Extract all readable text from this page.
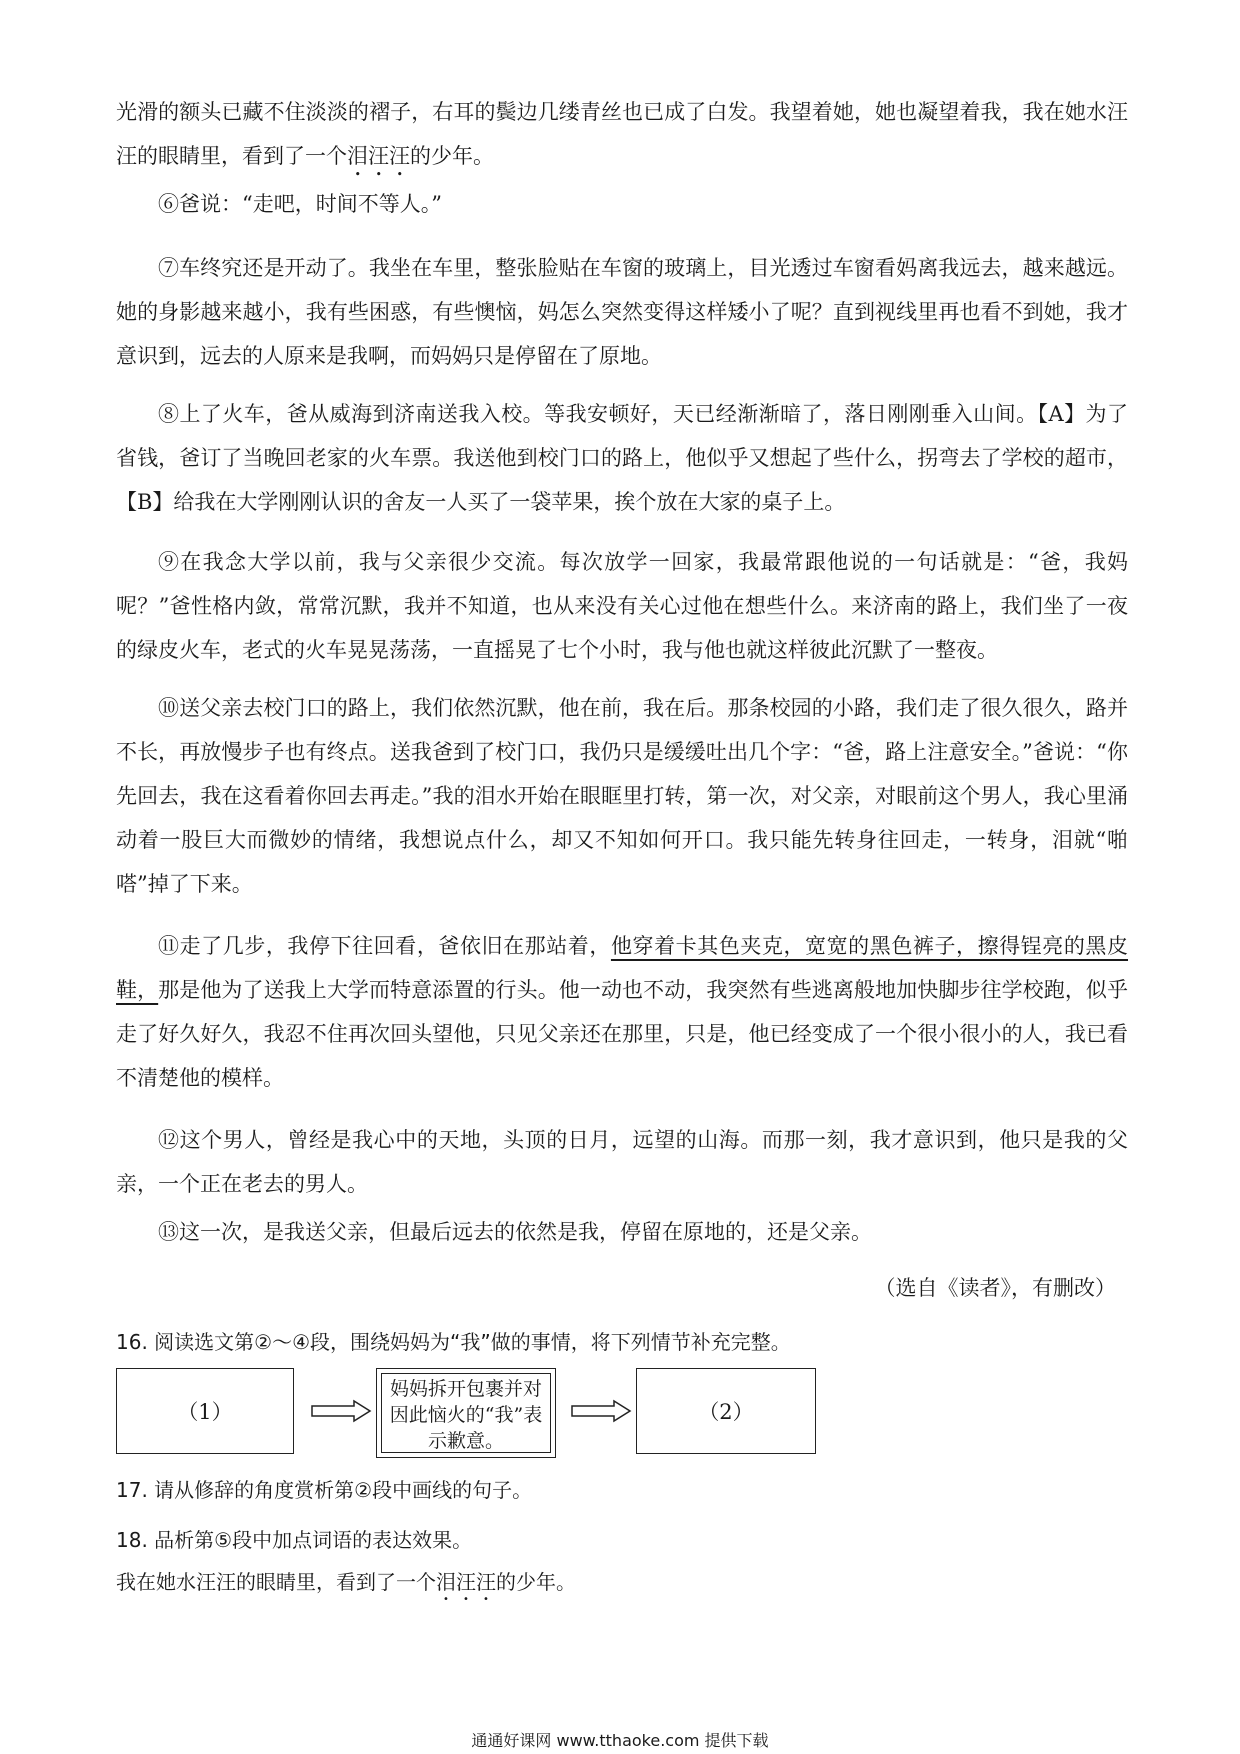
光滑的额头已藏不住淡淡的褶子，右耳的鬓边几缕青丝也已成了白发。我望着她，她也凝望着我，我在她水汪汪的眼睛里，看到了一个泪汪汪的少年。

⑥爸说：“走吧，时间不等人。”

⑦车终究还是开动了。我坐在车里，整张脸贴在车窗的玻璃上，目光透过车窗看妈离我远去，越来越远。她的身影越来越小，我有些困惑，有些懊恼，妈怎么突然变得这样矮小了呢？直到视线里再也看不到她，我才意识到，远去的人原来是我啊，而妈妈只是停留在了原地。

⑧上了火车，爸从威海到济南送我入校。等我安顿好，天已经渐渐暗了，落日刚刚垂入山间。【A】为了省钱，爸订了当晚回老家的火车票。我送他到校门口的路上，他似乎又想起了些什么，拐弯去了学校的超市，【B】给我在大学刚刚认识的舍友一人买了一袋苹果，挨个放在大家的桌子上。

⑨在我念大学以前，我与父亲很少交流。每次放学一回家，我最常跟他说的一句话就是：“爸，我妈呢？”爸性格内敛，常常沉默，我并不知道，也从来没有关心过他在想些什么。来济南的路上，我们坐了一夜的绿皮火车，老式的火车晃晃荡荡，一直摇晃了七个小时，我与他也就这样彼此沉默了一整夜。

⑩送父亲去校门口的路上，我们依然沉默，他在前，我在后。那条校园的小路，我们走了很久很久，路并不长，再放慢步子也有终点。送我爸到了校门口，我仍只是缓缓吐出几个字：“爸，路上注意安全。”爸说：“你先回去，我在这看着你回去再走。”我的泪水开始在眼眶里打转，第一次，对父亲，对眼前这个男人，我心里涌动着一股巨大而微妙的情绪，我想说点什么，却又不知如何开口。我只能先转身往回走，一转身，泪就“啪嗒”掉了下来。

⑪走了几步，我停下往回看，爸依旧在那站着，他穿着卡其色夹克，宽宽的黑色裤子，擦得锃亮的黑皮鞋，那是他为了送我上大学而特意添置的行头。他一动也不动，我突然有些逃离般地加快脚步往学校跑，似乎走了好久好久，我忍不住再次回头望他，只见父亲还在那里，只是，他已经变成了一个很小很小的人，我已看不清楚他的模样。

⑫这个男人，曾经是我心中的天地，头顶的日月，远望的山海。而那一刻，我才意识到，他只是我的父亲，一个正在老去的男人。

⑬这一次，是我送父亲，但最后远去的依然是我，停留在原地的，还是父亲。

（选自《读者》，有删改）
16. 阅读选文第②～④段，围绕妈妈为“我”做的事情，将下列情节补充完整。
（1）
妈妈拆开包裹并对因此恼火的“我”表示歉意。
（2）
17. 请从修辞的角度赏析第②段中画线的句子。
18. 品析第⑤段中加点词语的表达效果。
我在她水汪汪的眼睛里，看到了一个泪汪汪的少年。
通通好课网 www.tthaoke.com 提供下载
